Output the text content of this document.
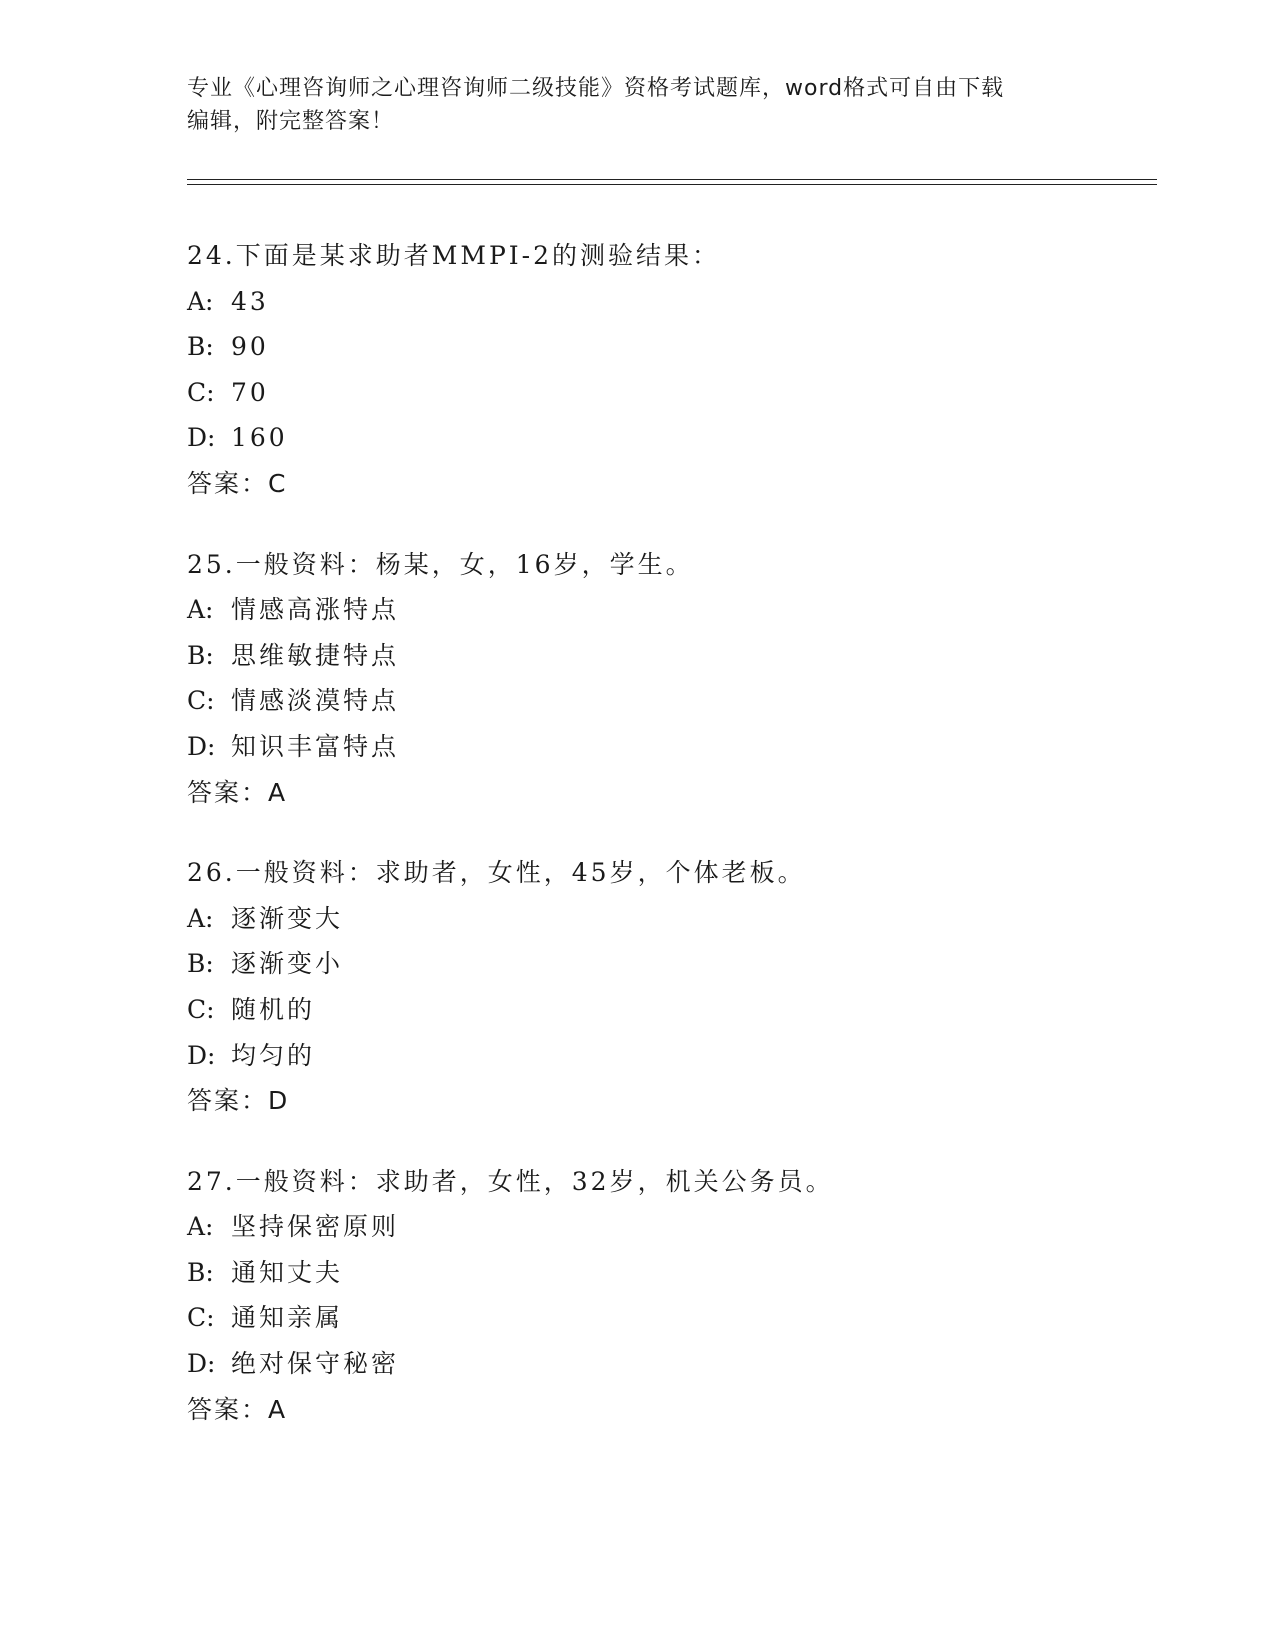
专业《心理咨询师之心理咨询师二级技能》资格考试题库，word格式可自由下载
编辑，附完整答案！
24.下面是某求助者MMPI-2的测验结果：
A: 43
B: 90
C: 70
D: 160
答案：C
25.一般资料：杨某，女，16岁，学生。
A: 情感高涨特点
B: 思维敏捷特点
C: 情感淡漠特点
D: 知识丰富特点
答案：A
26.一般资料：求助者，女性，45岁，个体老板。
A: 逐渐变大
B: 逐渐变小
C: 随机的
D: 均匀的
答案：D
27.一般资料：求助者，女性，32岁，机关公务员。
A: 坚持保密原则
B: 通知丈夫
C: 通知亲属
D: 绝对保守秘密
答案：A
